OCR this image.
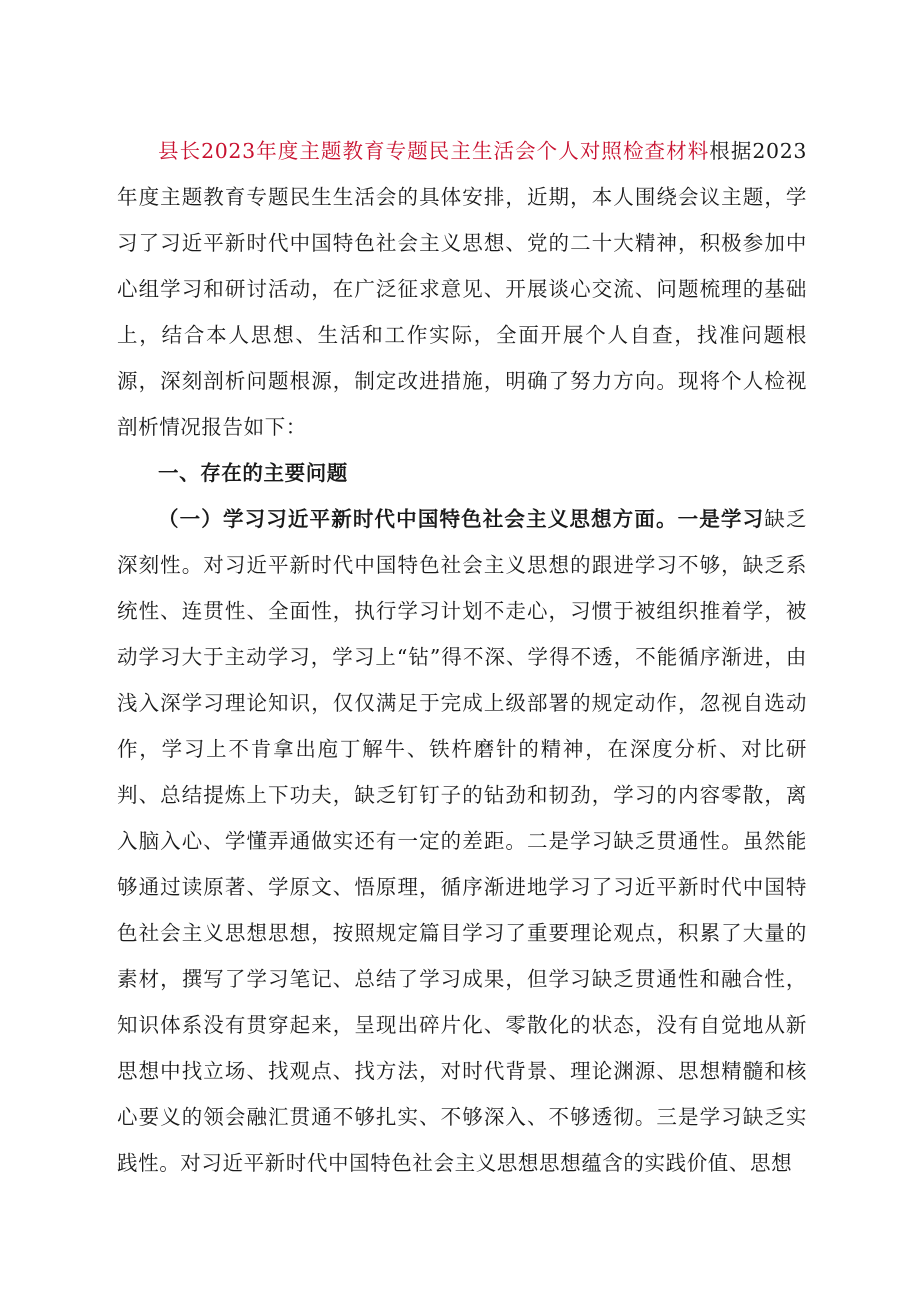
县长2023年度主题教育专题民主生活会个人对照检查材料根据2023年度主题教育专题民生生活会的具体安排，近期，本人围绕会议主题，学习了习近平新时代中国特色社会主义思想、党的二十大精神，积极参加中心组学习和研讨活动，在广泛征求意见、开展谈心交流、问题梳理的基础上，结合本人思想、生活和工作实际，全面开展个人自查，找准问题根源，深刻剖析问题根源，制定改进措施，明确了努力方向。现将个人检视剖析情况报告如下：

一、存在的主要问题

（一）学习习近平新时代中国特色社会主义思想方面。一是学习缺乏深刻性。对习近平新时代中国特色社会主义思想的跟进学习不够，缺乏系统性、连贯性、全面性，执行学习计划不走心，习惯于被组织推着学，被动学习大于主动学习，学习上“钻”得不深、学得不透，不能循序渐进，由浅入深学习理论知识，仅仅满足于完成上级部署的规定动作，忽视自选动作，学习上不肯拿出庖丁解牛、铁杵磨针的精神，在深度分析、对比研判、总结提炼上下功夫，缺乏钉钉子的钻劲和韧劲，学习的内容零散，离入脑入心、学懂弄通做实还有一定的差距。二是学习缺乏贯通性。虽然能够通过读原著、学原文、悟原理，循序渐进地学习了习近平新时代中国特色社会主义思想思想，按照规定篇目学习了重要理论观点，积累了大量的素材，撰写了学习笔记、总结了学习成果，但学习缺乏贯通性和融合性，知识体系没有贯穿起来，呈现出碎片化、零散化的状态，没有自觉地从新思想中找立场、找观点、找方法，对时代背景、理论渊源、思想精髓和核心要义的领会融汇贯通不够扎实、不够深入、不够透彻。三是学习缺乏实践性。对习近平新时代中国特色社会主义思想思想蕴含的实践价值、思想
